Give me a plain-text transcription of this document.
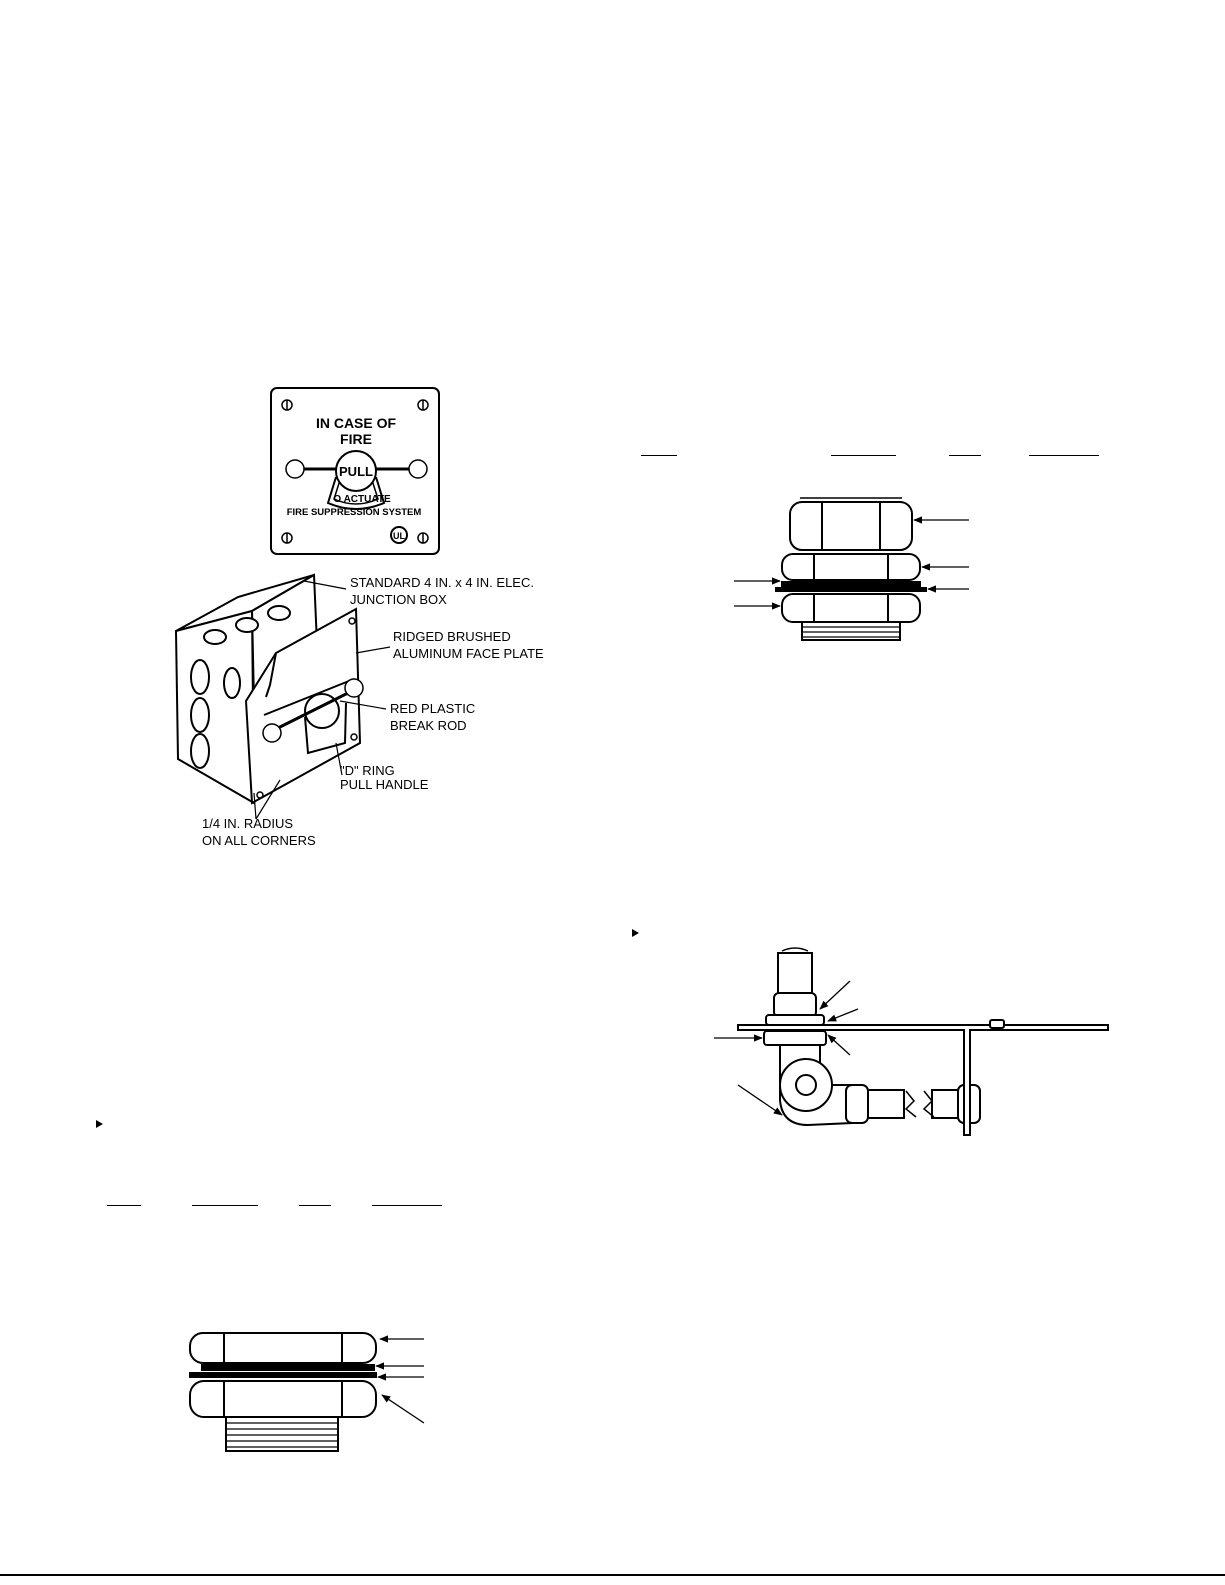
IN CASE OF
FIRE
PULL
O ACTUATE
FIRE SUPPRESSION SYSTEM
UL
STANDARD 4 IN. x 4 IN. ELEC.
JUNCTION BOX
RIDGED BRUSHED
ALUMINUM FACE PLATE
RED PLASTIC
BREAK ROD
"D" RING
PULL HANDLE
1/4 IN. RADIUS
ON ALL CORNERS
